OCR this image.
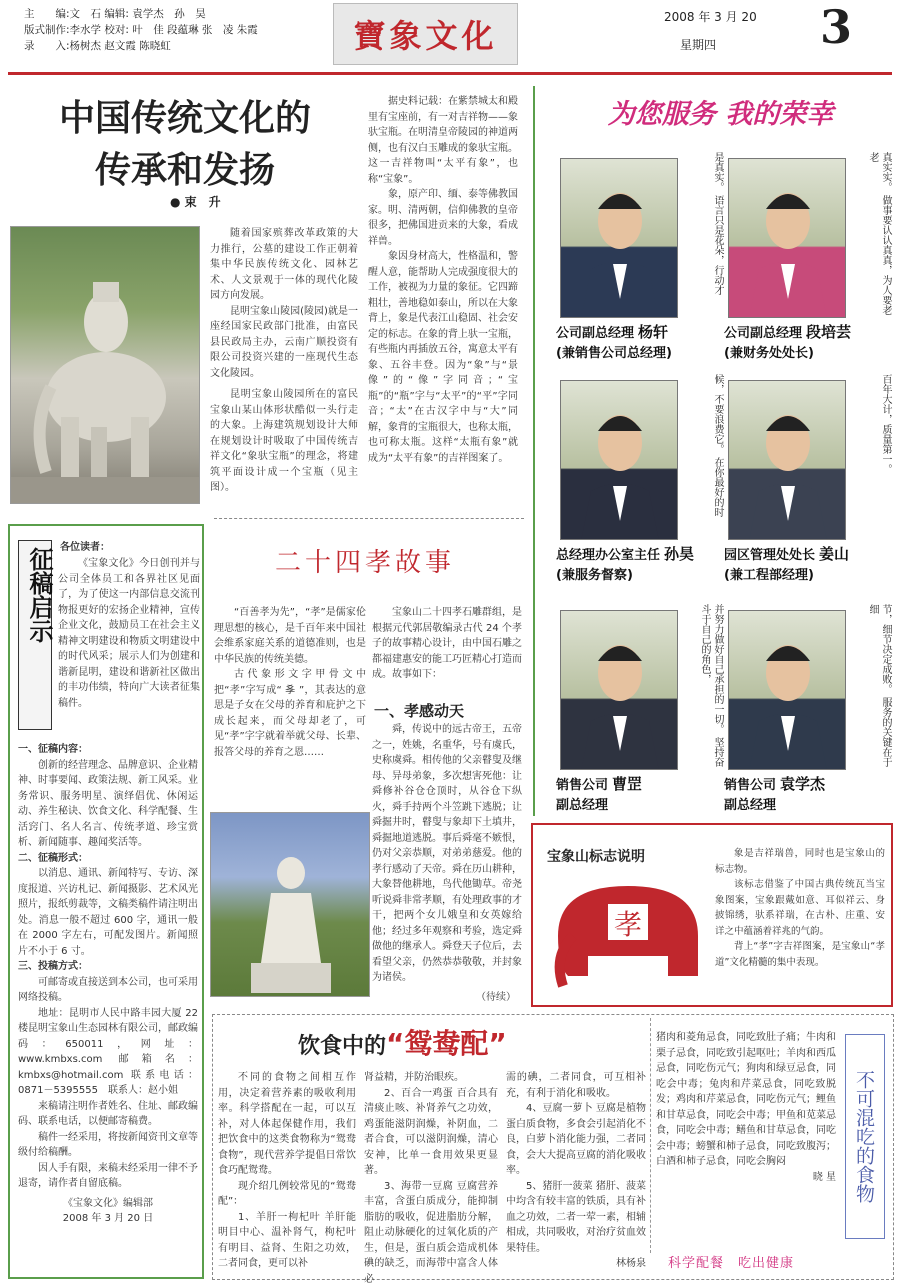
主　　编:文　石 编辑: 袁学杰　孙　昊
版式制作:李水学 校对: 叶　佳 段蕴琳 张　凌 朱霞
录　　入:杨树杰 赵文霞 陈晓虹	寶象文化	2008 年 3 月 20
星期四 3
中国传统文化的
传承和发扬
● 束　升

随着国家殡葬改革政策的大力推行，公墓的建设工作正朝着集中华民族传统文化、园林艺术、人文景观于一体的现代化陵园方向发展。

昆明宝象山陵园(陵园)就是一座经国家民政部门批准，由富民县民政局主办，云南广顺投资有限公司投资兴建的一座现代生态文化陵园。

昆明宝象山陵园所在的富民宝象山某山体形状酷似一头行走的大象。上海建筑规划设计大师在规划设计时吸取了中国传统吉祥文化“象驮宝瓶”的理念，将建筑平面设计成一个宝瓶（见主图）。

据史料记载：在紫禁城太和殿里有宝座前，有一对吉祥物——象驮宝瓶。在明清皇帝陵园的神道两侧，也有汉白玉雕成的象驮宝瓶。这一吉祥物叫“太平有象”，也称“宝象”。

象，原产印、缅、泰等佛教国家。明、清两朝，信仰佛教的皇帝很多，把佛国进贡来的大象，看成祥兽。

象因身材高大，性格温和，警醒人意，能帮助人完成强度很大的工作，被视为力量的象征。它四蹄粗壮，善地稳如泰山，所以在大象背上，象是代表江山稳固、社会安定的标志。在象的背上驮一宝瓶，有些瓶内再插放五谷，寓意太平有象、五谷丰登。因为“象”与“景像”的“像”字同音；“宝瓶”的“瓶”字与“太平”的“平”字同音；“太”在古汉字中与“大”同解，象背的宝瓶很大，也称太瓶，也可称太瓶。这样“太瓶有象”就成为“太平有象”的吉祥图案了。

为您服务 我的荣幸
是真实。 语言只是花朵，行动才
公司副总经理 杨轩
(兼销售公司总经理)
真实实。 做事要认认真真，为人要老老
公司副总经理 段培芸
(兼财务处处长)
候，不要浪费它。 在你最好的时
总经理办公室主任 孙昊
(兼服务督察)
百年大计，质量第一。
园区管理处处长 姜山
(兼工程部经理)
并努力做好自己承担的一切。 坚持奋斗于自己的角色，
销售公司 曹罡
副总经理
节，细节决定成败。 服务的关键在于细
销售公司 袁学杰
副总经理
征稿启示 各位读者：
《宝象文化》今日创刊并与公司全体员工和各界社区见面了，为了使这一内部信息交流刊物报更好的宏扬企业精神，宣传企业文化，鼓励员工在社会主义精神文明建设和物质文明建设中的时代风采；展示人们为创建和谐新昆明，建设和谐新社区做出的丰功伟绩，特向广大读者征集稿件。
一、征稿内容：

创新的经营理念、品牌意识、企业精神、时事要闻、政策法规、新工风采。业务常识、服务明星、演绎倡优、休闲运动、养生秘诀、饮食文化、科学配餐、生活窍门、名人名言、传统孝道、珍宝赏析、新闻随事、趣闻奖活等。

二、征稿形式：

以消息、通讯、新闻特写、专访、深度报道、兴访札记、新闻摄影、艺术风光照片，报纸剪裁等，文稿类稿件请注明出处。消息一般不超过 600 字，通讯一般在 2000 字左右，可配发图片。新闻照片不小于 6 寸。

三、投稿方式：

可邮寄或直接送到本公司，也可采用网络投稿。

地址：昆明市人民中路丰园大厦 22 楼昆明宝象山生态园林有限公司，邮政编码：650011，网址：www.kmbxs.com 邮箱名：kmbxs@hotmail.com 联系电话：0871－5395555　联系人：赵小姐

来稿请注明作者姓名、住址、邮政编码、联系电话，以便邮寄稿费。

稿件一经采用，将按新闻资刊文章等级付给稿酬。

因人手有限，来稿未经采用一律不予退寄，请作者自留底稿。

《宝象文化》编辑部
2008 年 3 月 20 日
二十四孝故事

“百善孝为先”，“孝”是儒家伦理思想的核心，是千百年来中国社会维系家庭关系的道德准则，也是中华民族的传统美德。

古代象形文字甲骨文中把“孝”字写成“ 𡥈 ”，其表达的意思是子女在父母的养育和庇护之下成长起来，而父母却老了，可见“孝”字字就着举就父母、长辈、报答父母的养育之恩……

宝象山二十四孝石雕群组，是根据元代郭居敬编录古代 24 个孝子的故事精心设计，由中国石雕之都福建惠安的能工巧匠精心打造而成。故事如下：
一、孝感动天
舜，传说中的远古帝王，五帝之一，姓姚，名重华，号有虞氏，史称虞舜。相传他的父亲瞽叟及继母、异母弟象，多次想害死他：让舜修补谷仓仓顶时，从谷仓下纵火，舜手持两个斗笠跳下逃脱；让舜掘井时，瞽叟与象却下土填井，舜掘地道逃脱。事后舜毫不嫉恨，仍对父亲恭顺，对弟弟慈爱。他的孝行感动了天帝。舜在历山耕种，大象替他耕地，鸟代他锄草。帝尧听说舜非常孝顺，有处理政事的才干，把两个女儿娥皇和女英嫁给他；经过多年观察和考验，选定舜做他的继承人。舜登天子位后，去看望父亲，仍然恭恭敬敬，并封象为诸侯。
（待续）
宝象山标志说明
孝

象是吉祥瑞兽，同时也是宝象山的标志物。

该标志借鉴了中国古典传统瓦当宝象图案，宝象跟戴如意、耳似祥云、身披锦绣，驮系祥瑞，在古朴、庄重、安详之中蕴涵着祥兆的气韵。

背上“孝”字吉祥图案，是宝象山“孝道”文化精髓的集中表现。

饮食中的“鸳鸯配”

不同的食物之间相互作用，决定着营养素的吸收利用率。科学搭配在一起，可以互补，对人体起保健作用，我们把饮食中的这类食物称为“鸳鸯食物”，现代营养学提倡日常饮食巧配鸳鸯。

现介绍几例较常见的“鸳鸯配”：

1、羊肝一枸杞叶 羊肝能明目中心、温补肾气，枸杞叶有明目、益肾、生阳之功效，二者同食，更可以补

肾益精，并防治眼疾。

2、百合一鸡蛋 百合具有清痰止咳、补肾养气之功效，鸡蛋能滋阴润燥，补阴血，二者合食，可以滋阴润燥，清心安神，比单一食用效果更显著。

3、海带一豆腐 豆腐营养丰富，含蛋白质成分，能抑制脂肪的吸收，促进脂肪分解，阻止动脉硬化的过氧化质的产生，但是，蛋白质会造成机体碘的缺乏，而海带中富含人体必

需的碘，二者同食，可互相补充，有利于消化和吸收。

4、豆腐一萝卜 豆腐是植物蛋白质食物，多食会引起消化不良，白萝卜消化能力强，二者同食，会大大提高豆腐的消化吸收率。

5、猪肝一菠菜 猪肝、菠菜中均含有较丰富的铁质，具有补血之功效，二者一荤一素，相辅相成，共同吸收，对治疗贫血效果特佳。

林杨泉

猪肉和菱角忌食，同吃致肚子痛；牛肉和栗子忌食，同吃致引起呕吐；羊肉和西瓜忌食，同吃伤元气；狗肉和绿豆忌食，同吃会中毒；兔肉和芹菜忌食，同吃致脱发；鸡肉和芹菜忌食，同吃伤元气；鲤鱼和甘草忌食，同吃会中毒；甲鱼和苋菜忌食，同吃会中毒；鳝鱼和甘草忌食，同吃会中毒；螃蟹和柿子忌食，同吃致腹泻；白酒和柿子忌食，同吃会胸闷

晓 星 不可混吃的食物
科学配餐　吃出健康
